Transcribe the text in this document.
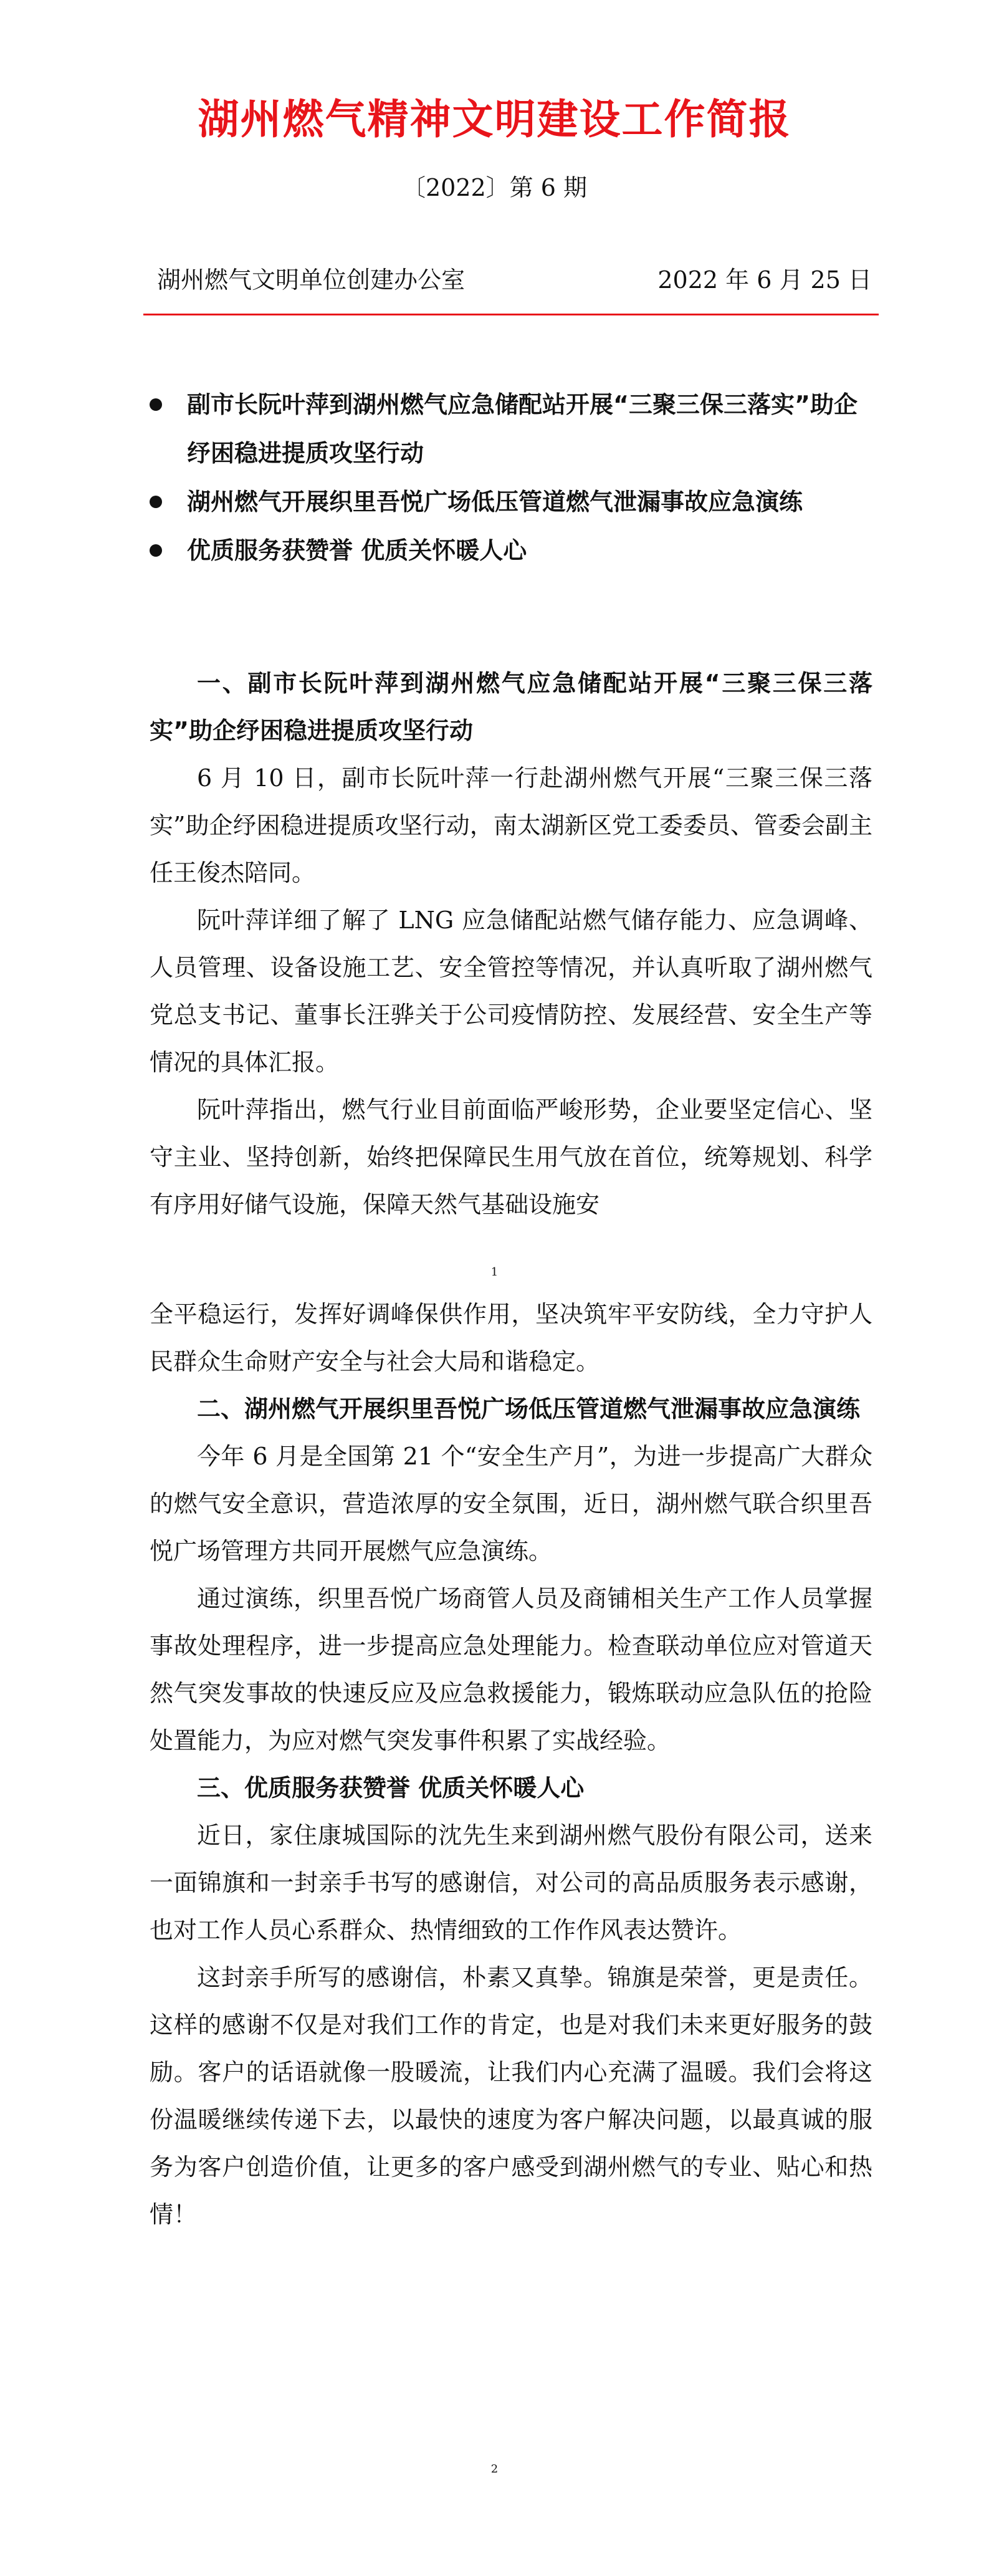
湖州燃气精神文明建设工作简报
〔2022〕第 6 期
湖州燃气文明单位创建办公室	2022 年 6 月 25 日
副市长阮叶萍到湖州燃气应急储配站开展“三聚三保三落实”助企纾困稳进提质攻坚行动
湖州燃气开展织里吾悦广场低压管道燃气泄漏事故应急演练
优质服务获赞誉 优质关怀暖人心
一、副市长阮叶萍到湖州燃气应急储配站开展“三聚三保三落实”助企纾困稳进提质攻坚行动

6 月 10 日，副市长阮叶萍一行赴湖州燃气开展“三聚三保三落实”助企纾困稳进提质攻坚行动，南太湖新区党工委委员、管委会副主任王俊杰陪同。

阮叶萍详细了解了 LNG 应急储配站燃气储存能力、应急调峰、人员管理、设备设施工艺、安全管控等情况，并认真听取了湖州燃气党总支书记、董事长汪骅关于公司疫情防控、发展经营、安全生产等情况的具体汇报。

阮叶萍指出，燃气行业目前面临严峻形势，企业要坚定信心、坚守主业、坚持创新，始终把保障民生用气放在首位，统筹规划、科学有序用好储气设施，保障天然气基础设施安

1

全平稳运行，发挥好调峰保供作用，坚决筑牢平安防线，全力守护人民群众生命财产安全与社会大局和谐稳定。

二、湖州燃气开展织里吾悦广场低压管道燃气泄漏事故应急演练

今年 6 月是全国第 21 个“安全生产月”，为进一步提高广大群众的燃气安全意识，营造浓厚的安全氛围，近日，湖州燃气联合织里吾悦广场管理方共同开展燃气应急演练。

通过演练，织里吾悦广场商管人员及商铺相关生产工作人员掌握事故处理程序，进一步提高应急处理能力。检查联动单位应对管道天然气突发事故的快速反应及应急救援能力，锻炼联动应急队伍的抢险处置能力，为应对燃气突发事件积累了实战经验。

三、优质服务获赞誉 优质关怀暖人心

近日，家住康城国际的沈先生来到湖州燃气股份有限公司，送来一面锦旗和一封亲手书写的感谢信，对公司的高品质服务表示感谢，也对工作人员心系群众、热情细致的工作作风表达赞许。

这封亲手所写的感谢信，朴素又真挚。锦旗是荣誉，更是责任。这样的感谢不仅是对我们工作的肯定，也是对我们未来更好服务的鼓励。客户的话语就像一股暖流，让我们内心充满了温暖。我们会将这份温暖继续传递下去，以最快的速度为客户解决问题，以最真诚的服务为客户创造价值，让更多的客户感受到湖州燃气的专业、贴心和热情！

2
